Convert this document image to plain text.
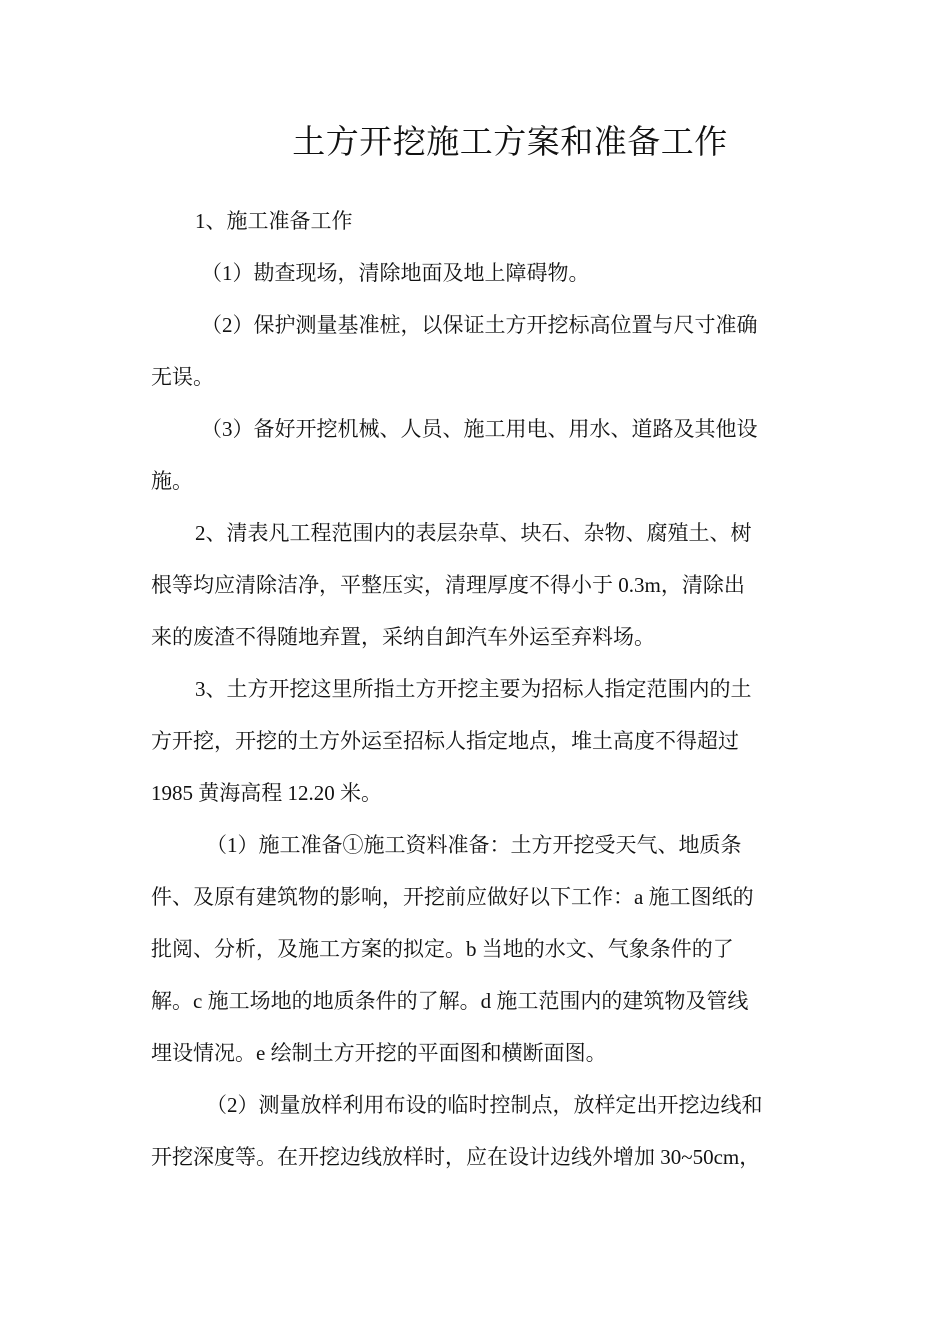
土方开挖施工方案和准备工作

1、施工准备工作

（1）勘查现场，清除地面及地上障碍物。

（2）保护测量基准桩，以保证土方开挖标高位置与尺寸准确
无误。

（3）备好开挖机械、人员、施工用电、用水、道路及其他设
施。

2、清表凡工程范围内的表层杂草、块石、杂物、腐殖土、树
根等均应清除洁净，平整压实，清理厚度不得小于 0.3m，清除出
来的废渣不得随地弃置，采纳自卸汽车外运至弃料场。

3、土方开挖这里所指土方开挖主要为招标人指定范围内的土
方开挖，开挖的土方外运至招标人指定地点，堆土高度不得超过
1985 黄海高程 12.20 米。

（1）施工准备①施工资料准备：土方开挖受天气、地质条
件、及原有建筑物的影响，开挖前应做好以下工作：a 施工图纸的
批阅、分析，及施工方案的拟定。b 当地的水文、气象条件的了
解。c 施工场地的地质条件的了解。d 施工范围内的建筑物及管线
埋设情况。e 绘制土方开挖的平面图和横断面图。

（2）测量放样利用布设的临时控制点，放样定出开挖边线和
开挖深度等。在开挖边线放样时，应在设计边线外增加 30~50cm，
